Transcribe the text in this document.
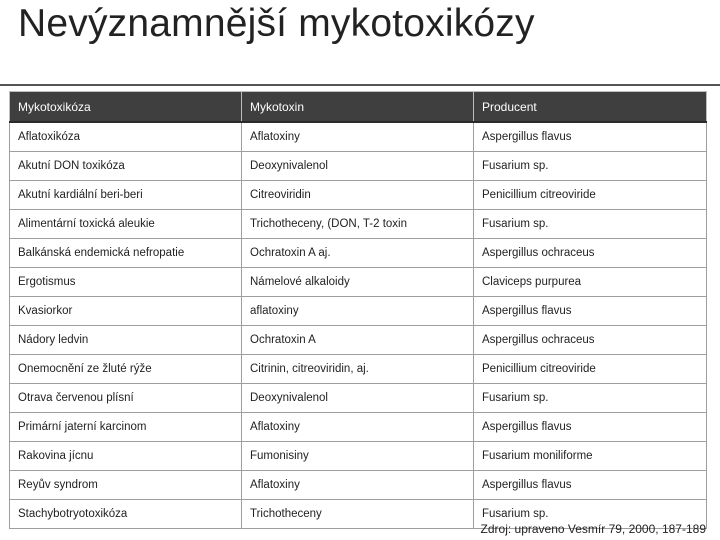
Nevýznamnější mykotoxikózy
Mykotoxikóza	Mykotoxin	Producent
Aflatoxikóza	Aflatoxiny	Aspergillus flavus
Akutní DON toxikóza	Deoxynivalenol	Fusarium sp.
Akutní kardiální beri-beri	Citreoviridin	Penicillium citreoviride
Alimentární toxická aleukie	Trichotheceny, (DON, T-2 toxin	Fusarium sp.
Balkánská endemická nefropatie	Ochratoxin A aj.	Aspergillus ochraceus
Ergotismus	Námelové alkaloidy	Claviceps purpurea
Kvasiorkor	aflatoxiny	Aspergillus flavus
Nádory ledvin	Ochratoxin A	Aspergillus ochraceus
Onemocnění ze žluté rýže	Citrinin, citreoviridin, aj.	Penicillium citreoviride
Otrava červenou plísní	Deoxynivalenol	Fusarium sp.
Primární jaterní karcinom	Aflatoxiny	Aspergillus flavus
Rakovina jícnu	Fumonisiny	Fusarium moniliforme
Reyův syndrom	Aflatoxiny	Aspergillus flavus
Stachybotryotoxikóza	Trichotheceny	Fusarium sp.
Zdroj: upraveno Vesmír 79, 2000, 187-189
